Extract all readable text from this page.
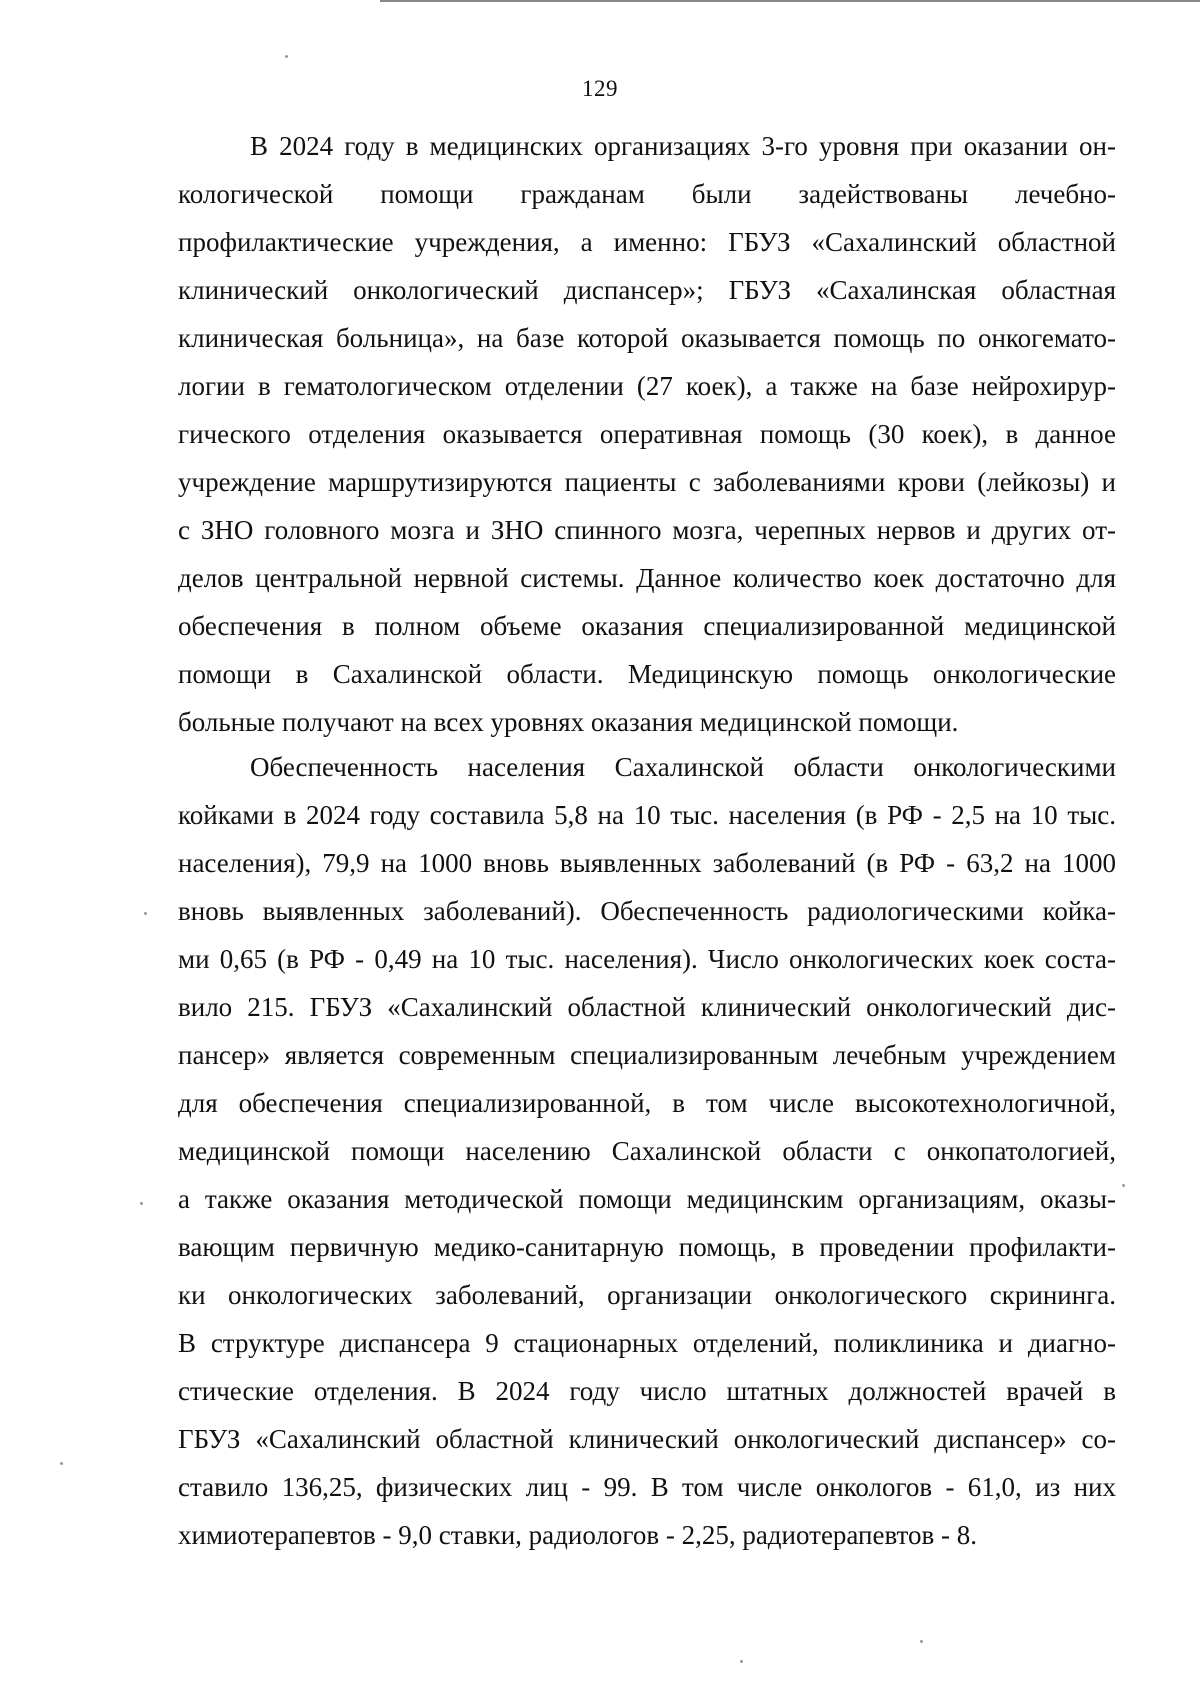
129
В 2024 году в медицинских организациях 3-го уровня при оказании он-
кологической помощи гражданам были задействованы лечебно-
профилактические учреждения, а именно: ГБУЗ «Сахалинский областной
клинический онкологический диспансер»; ГБУЗ «Сахалинская областная
клиническая больница», на базе которой оказывается помощь по онкогемато-
логии в гематологическом отделении (27 коек), а также на базе нейрохирур-
гического отделения оказывается оперативная помощь (30 коек), в данное
учреждение маршрутизируются пациенты с заболеваниями крови (лейкозы) и
с ЗНО головного мозга и ЗНО спинного мозга, черепных нервов и других от-
делов центральной нервной системы. Данное количество коек достаточно для
обеспечения в полном объеме оказания специализированной медицинской
помощи в Сахалинской области. Медицинскую помощь онкологические
больные получают на всех уровнях оказания медицинской помощи.
Обеспеченность населения Сахалинской области онкологическими
койками в 2024 году составила 5,8 на 10 тыс. населения (в РФ - 2,5 на 10 тыс.
населения), 79,9 на 1000 вновь выявленных заболеваний (в РФ - 63,2 на 1000
вновь выявленных заболеваний). Обеспеченность радиологическими койка-
ми 0,65 (в РФ - 0,49 на 10 тыс. населения). Число онкологических коек соста-
вило 215. ГБУЗ «Сахалинский областной клинический онкологический дис-
пансер» является современным специализированным лечебным учреждением
для обеспечения специализированной, в том числе высокотехнологичной,
медицинской помощи населению Сахалинской области с онкопатологией,
а также оказания методической помощи медицинским организациям, оказы-
вающим первичную медико-санитарную помощь, в проведении профилакти-
ки онкологических заболеваний, организации онкологического скрининга.
В структуре диспансера 9 стационарных отделений, поликлиника и диагно-
стические отделения. В 2024 году число штатных должностей врачей в
ГБУЗ «Сахалинский областной клинический онкологический диспансер» со-
ставило 136,25, физических лиц - 99. В том числе онкологов - 61,0, из них
химиотерапевтов - 9,0 ставки, радиологов - 2,25, радиотерапевтов - 8.
